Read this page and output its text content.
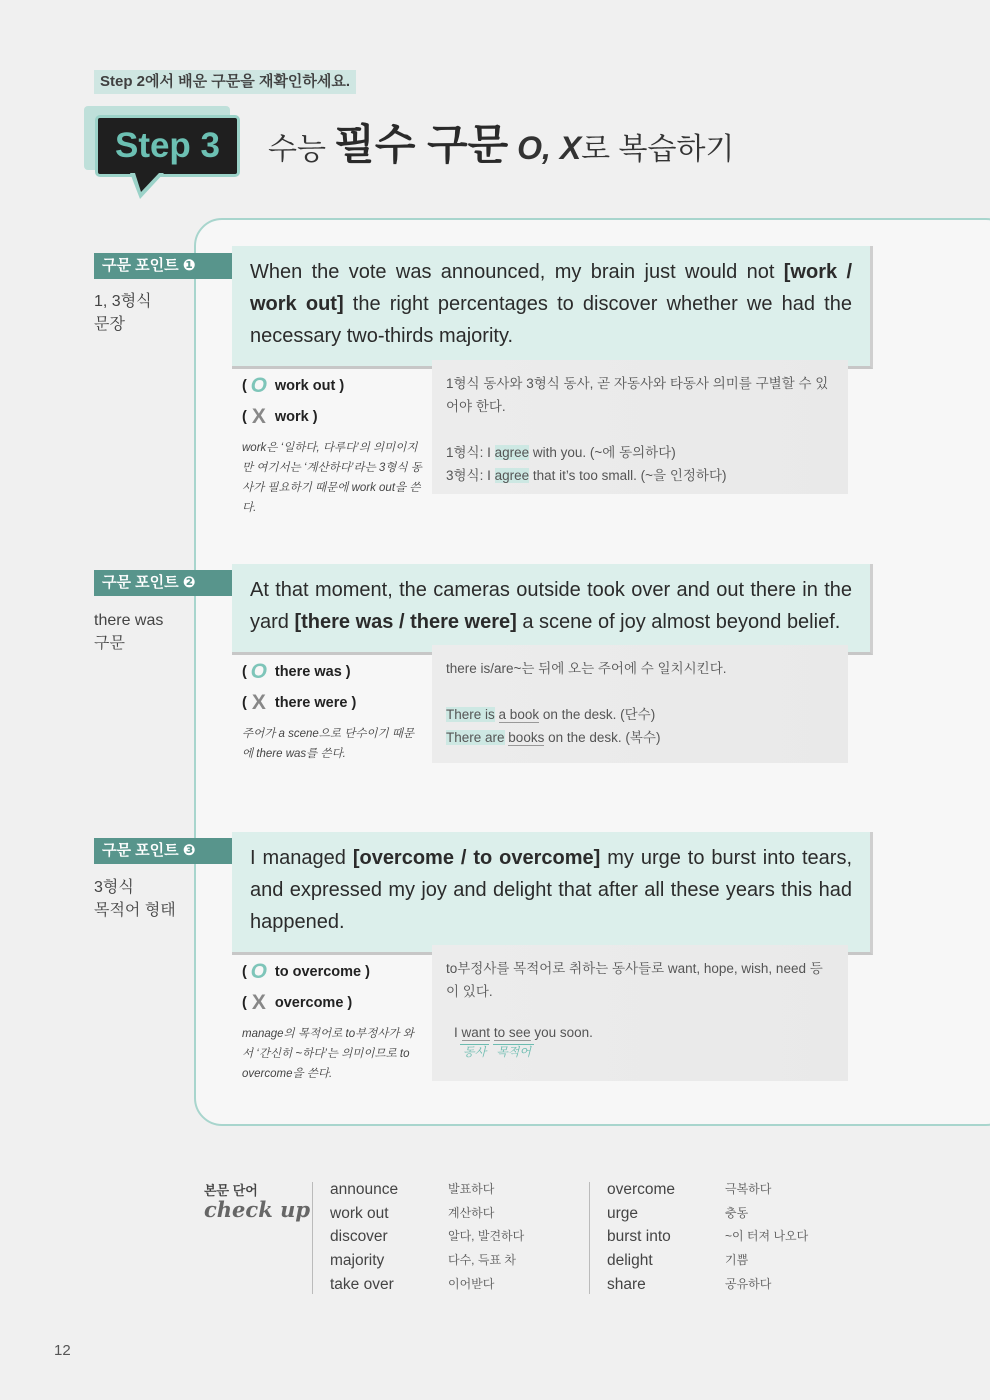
Step 2에서 배운 구문을 재확인하세요.
Step 3	수능 필수 구문 O, X로 복습하기
구문 포인트 ❶
1, 3형식
문장
When the vote was announced, my brain just would not [work / work out] the right percentages to discover whether we had the necessary two-thirds majority.
( O
work out )
( X
work )
work은 ‘일하다, 다루다’의 의미이지만 여기서는 ‘계산하다’라는 3형식 동사가 필요하기 때문에 work out을 쓴다.
1형식 동사와 3형식 동사, 곧 자동사와 타동사 의미를 구별할 수 있어야 한다.
1형식: I agree with you. (~에 동의하다)
3형식: I agree that it’s too small. (~을 인정하다)
구문 포인트 ❷
there was
구문
At that moment, the cameras outside took over and out there in the yard [there was / there were] a scene of joy almost beyond belief.
( O
there was )
( X
there were )
주어가 a scene으로 단수이기 때문에 there was를 쓴다.
there is/are~는 뒤에 오는 주어에 수 일치시킨다.
There is a book on the desk. (단수)
There are books on the desk. (복수)
구문 포인트 ❸
3형식
목적어 형태
I managed [overcome / to overcome] my urge to burst into tears, and expressed my joy and delight that after all these years this had happened.
( O
to overcome )
( X
overcome )
manage의 목적어로 to부정사가 와서 ‘간신히 ~하다’는 의미이므로 to overcome을 쓴다.
to부정사를 목적어로 취하는 동사들로 want, hope, wish, need 등이 있다.
I want to see you soon.
동사 목적어
본문 단어
check up
announce
work out
discover
majority
take over
발표하다
계산하다
알다, 발견하다
다수, 득표 차
이어받다
overcome
urge
burst into
delight
share
극복하다
충동
~이 터져 나오다
기쁨
공유하다
12
